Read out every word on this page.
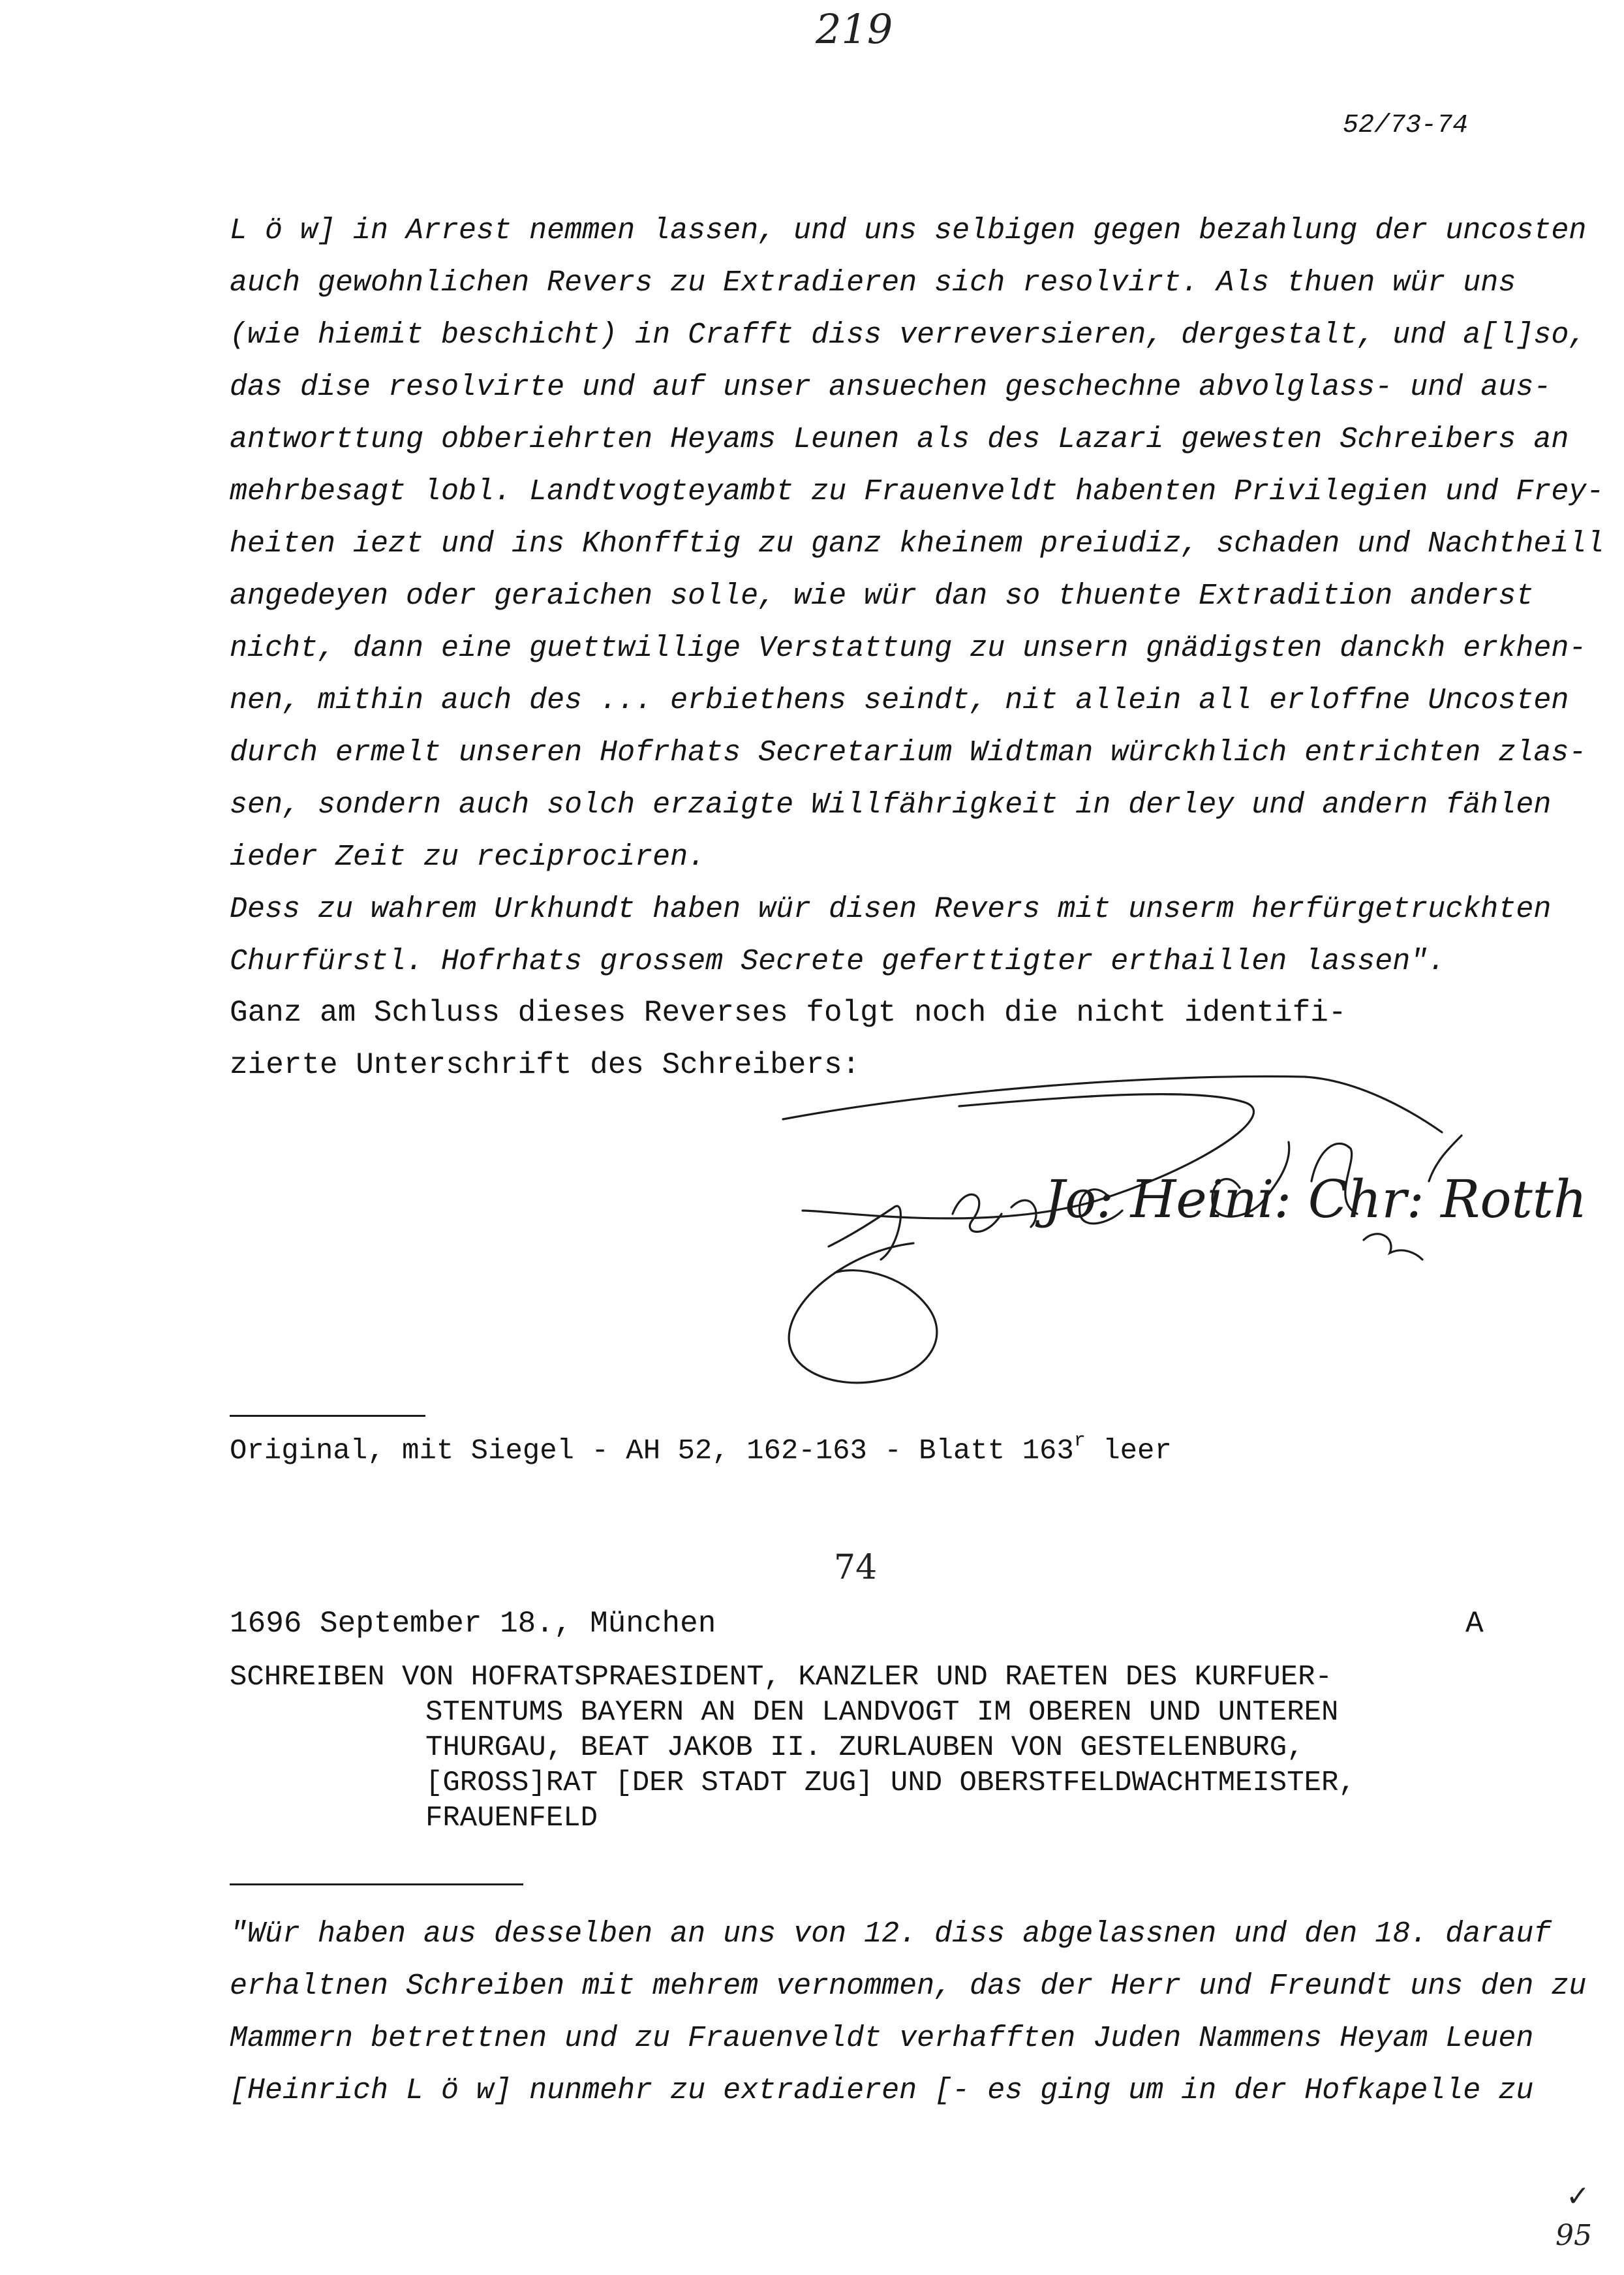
219
52/73-74
L ö w] in Arrest nemmen lassen, und uns selbigen gegen bezahlung der uncosten
auch gewohnlichen Revers zu Extradieren sich resolvirt. Als thuen wür uns
(wie hiemit beschicht) in Crafft diss verreversieren, dergestalt, und a[l]so,
das dise resolvirte und auf unser ansuechen geschechne abvolglass- und aus-
antworttung obberiehrten Heyams Leunen als des Lazari gewesten Schreibers an
mehrbesagt lobl. Landtvogteyambt zu Frauenveldt habenten Privilegien und Frey-
heiten iezt und ins Khonfftig zu ganz kheinem preiudiz, schaden und Nachtheill
angedeyen oder geraichen solle, wie wür dan so thuente Extradition anderst
nicht, dann eine guettwillige Verstattung zu unsern gnädigsten danckh erkhen-
nen, mithin auch des ... erbiethens seindt, nit allein all erloffne Uncosten
durch ermelt unseren Hofrhats Secretarium Widtman würckhlich entrichten zlas-
sen, sondern auch solch erzaigte Willfährigkeit in derley und andern fählen
ieder Zeit zu reciprociren.
Dess zu wahrem Urkhundt haben wür disen Revers mit unserm herfürgetruckhten
Churfürstl. Hofrhats grossem Secrete geferttigter erthaillen lassen".
Ganz am Schluss dieses Reverses folgt noch die nicht identifi-
zierte Unterschrift des Schreibers:
Jo: Heini: Chr: Rotth
Original, mit Siegel - AH 52, 162-163 - Blatt 163$^r$ leer
74
1696 September 18., München	A
SCHREIBEN VON HOFRATSPRAESIDENT, KANZLER UND RAETEN DES KURFUER-
STENTUMS BAYERN AN DEN LANDVOGT IM OBEREN UND UNTEREN
THURGAU, BEAT JAKOB II. ZURLAUBEN VON GESTELENBURG,
[GROSS]RAT [DER STADT ZUG] UND OBERSTFELDWACHTMEISTER,
FRAUENFELD
"Wür haben aus desselben an uns von 12. diss abgelassnen und den 18. darauf
erhaltnen Schreiben mit mehrem vernommen, das der Herr und Freundt uns den zu
Mammern betrettnen und zu Frauenveldt verhafften Juden Nammens Heyam Leuen
[Heinrich L ö w] nunmehr zu extradieren [- es ging um in der Hofkapelle zu
✓
95
